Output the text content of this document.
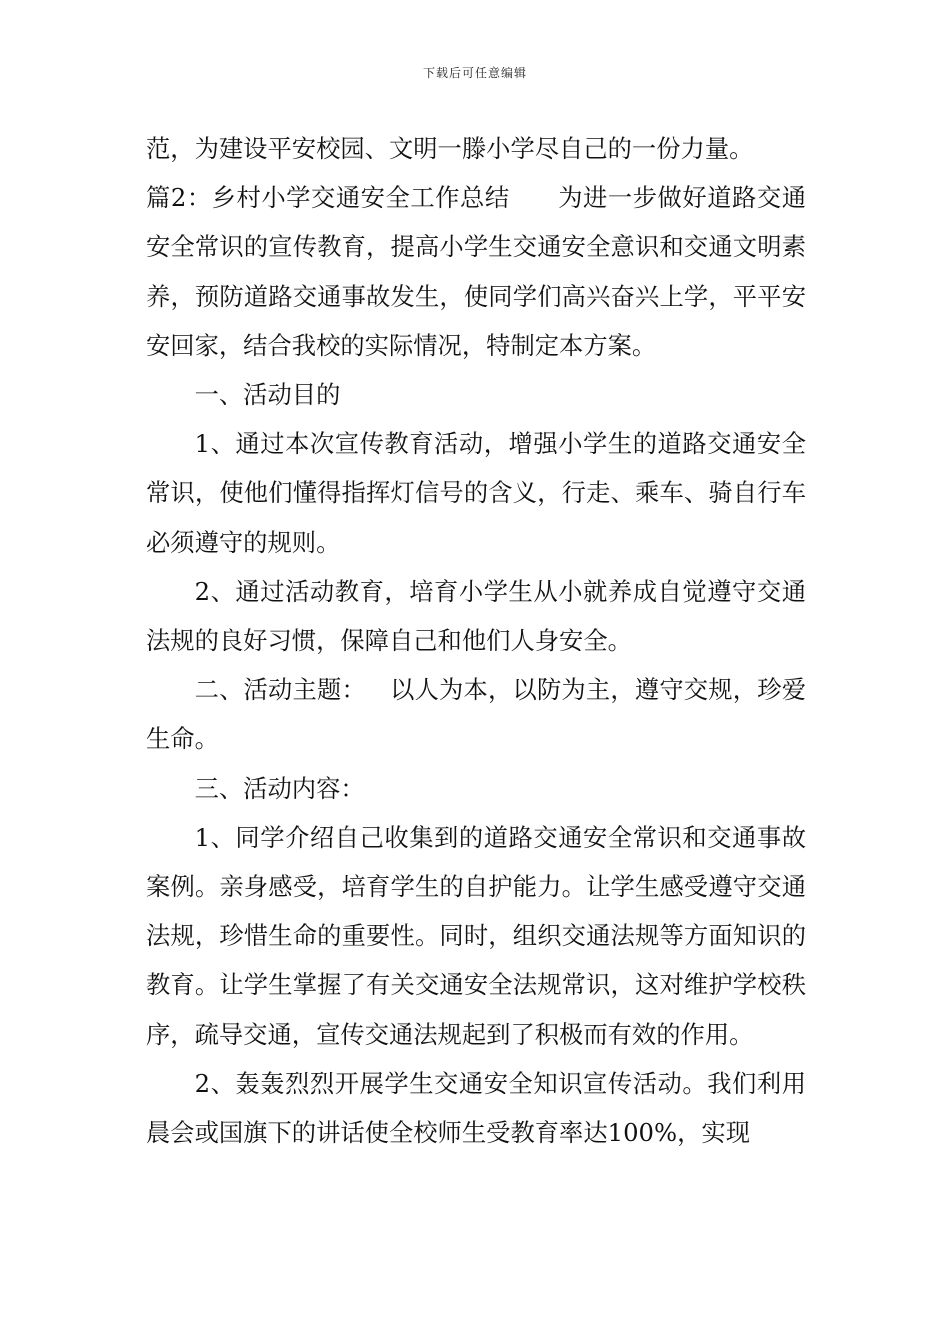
下载后可任意编辑

范，为建设平安校园、文明一滕小学尽自己的一份力量。

篇2：乡村小学交通安全工作总结 为进一步做好道路交通安全常识的宣传教育，提高小学生交通安全意识和交通文明素养，预防道路交通事故发生，使同学们高兴奋兴上学，平平安安回家，结合我校的实际情况，特制定本方案。

一、活动目的

1、通过本次宣传教育活动，增强小学生的道路交通安全常识，使他们懂得指挥灯信号的含义，行走、乘车、骑自行车必须遵守的规则。

2、通过活动教育，培育小学生从小就养成自觉遵守交通法规的良好习惯，保障自己和他们人身安全。

二、活动主题： 以人为本，以防为主，遵守交规，珍爱生命。

三、活动内容：

1、同学介绍自己收集到的道路交通安全常识和交通事故案例。亲身感受，培育学生的自护能力。让学生感受遵守交通法规，珍惜生命的重要性。同时，组织交通法规等方面知识的教育。让学生掌握了有关交通安全法规常识，这对维护学校秩序，疏导交通，宣传交通法规起到了积极而有效的作用。

2、轰轰烈烈开展学生交通安全知识宣传活动。我们利用晨会或国旗下的讲话使全校师生受教育率达100%，实现
